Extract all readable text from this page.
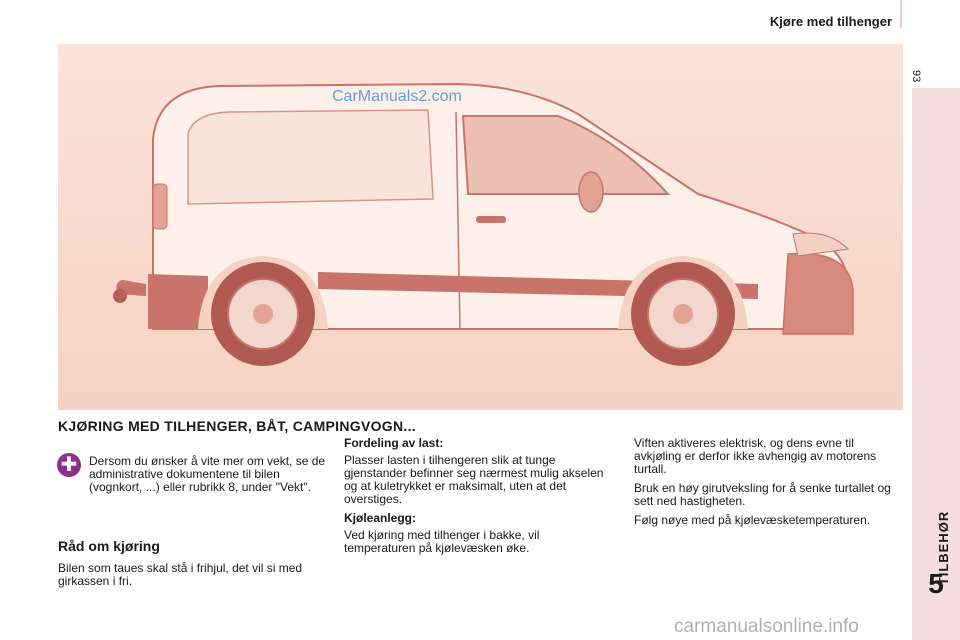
Kjøre med tilhenger
93
TILBEHØR
5
CarManuals2.com
KJØRING MED TILHENGER, BÅT, CAMPINGVOGN...
✚ Dersom du ønsker å vite mer om vekt, se de administrative dokumentene til bilen (vognkort, ...) eller rubrikk 8, under "Vekt".
Råd om kjøring
Bilen som taues skal stå i frihjul, det vil si med girkassen i fri.

Fordeling av last:

Plasser lasten i tilhengeren slik at tunge gjenstander befinner seg nærmest mulig akselen og at kuletrykket er maksimalt, uten at det overstiges.

Kjøleanlegg:

Ved kjøring med tilhenger i bakke, vil temperaturen på kjølevæsken øke.

Viften aktiveres elektrisk, og dens evne til avkjøling er derfor ikke avhengig av motorens turtall.

Bruk en høy girutveksling for å senke turtallet og sett ned hastigheten.

Følg nøye med på kjølevæsketemperaturen.

carmanualsonline.info
